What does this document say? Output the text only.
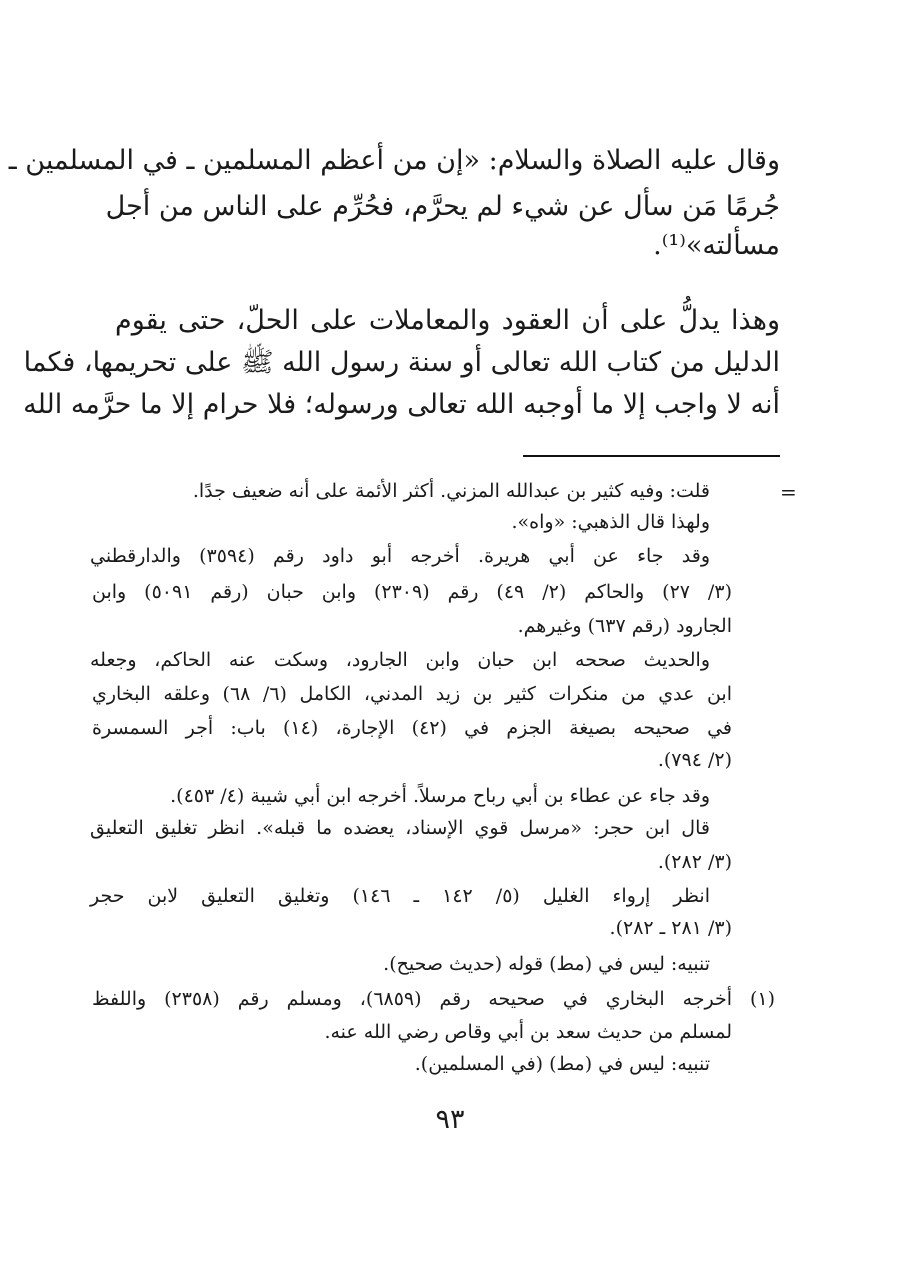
وقال عليه الصلاة والسلام: «إن من أعظم المسلمين ـ في المسلمين ـ
جُرمًا مَن سأل عن شيء لم يحرَّم، فحُرِّم على الناس من أجل
مسألته»⁽¹⁾.
وهذا يدلُّ على أن العقود والمعاملات على الحلّ، حتى يقوم
الدليل من كتاب الله تعالى أو سنة رسول الله ﷺ على تحريمها، فكما
أنه لا واجب إلا ما أوجبه الله تعالى ورسوله؛ فلا حرام إلا ما حرَّمه الله
=
قلت: وفيه كثير بن عبدالله المزني. أكثر الأئمة على أنه ضعيف جدًا.
ولهذا قال الذهبي: «واه».
وقد جاء عن أبي هريرة. أخرجه أبو داود رقم (٣٥٩٤) والدارقطني
(٣/ ٢٧) والحاكم (٢/ ٤٩) رقم (٢٣٠٩) وابن حبان (رقم ٥٠٩١) وابن
الجارود (رقم ٦٣٧) وغيرهم.
والحديث صححه ابن حبان وابن الجارود، وسكت عنه الحاكم، وجعله
ابن عدي من منكرات كثير بن زيد المدني، الكامل (٦/ ٦٨) وعلقه البخاري
في صحيحه بصيغة الجزم في (٤٢) الإجارة، (١٤) باب: أجر السمسرة
(٢/ ٧٩٤).
وقد جاء عن عطاء بن أبي رباح مرسلاً. أخرجه ابن أبي شيبة (٤/ ٤٥٣).
قال ابن حجر: «مرسل قوي الإسناد، يعضده ما قبله». انظر تغليق التعليق
(٣/ ٢٨٢).
انظر إرواء الغليل (٥/ ١٤٢ ـ ١٤٦) وتغليق التعليق لابن حجر
(٣/ ٢٨١ ـ ٢٨٢).
تنبيه: ليس في (مط) قوله (حديث صحيح).
(١)
أخرجه البخاري في صحيحه رقم (٦٨٥٩)، ومسلم رقم (٢٣٥٨) واللفظ
لمسلم من حديث سعد بن أبي وقاص رضي الله عنه.
تنبيه: ليس في (مط) (في المسلمين).
٩٣
